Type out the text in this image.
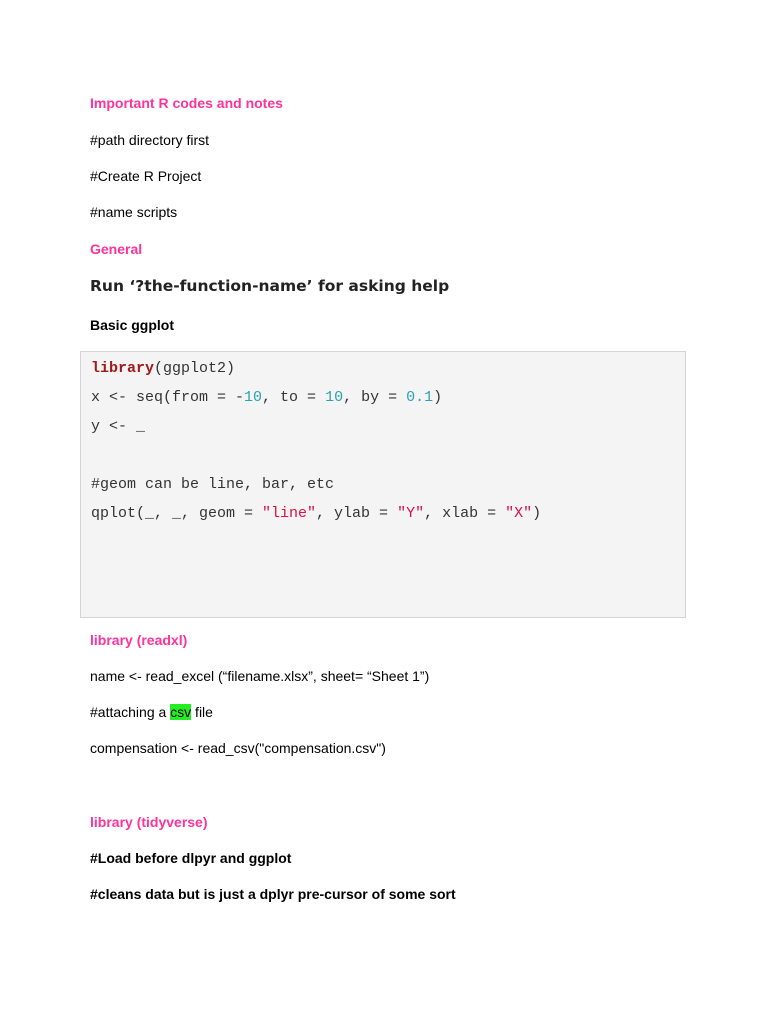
Important R codes and notes
#path directory first
#Create R Project
#name scripts
General
Run ‘?the-function-name’ for asking help
Basic ggplot
library(ggplot2)
x <- seq(from = -10, to = 10, by = 0.1)
y <- _
#geom can be line, bar, etc
qplot(_, _, geom = "line", ylab = "Y", xlab = "X")
library (readxl)
name <- read_excel (“filename.xlsx”, sheet= “Sheet 1”)
#attaching a csv file
compensation <- read_csv("compensation.csv")
library (tidyverse)
#Load before dlpyr and ggplot
#cleans data but is just a dplyr pre-cursor of some sort
